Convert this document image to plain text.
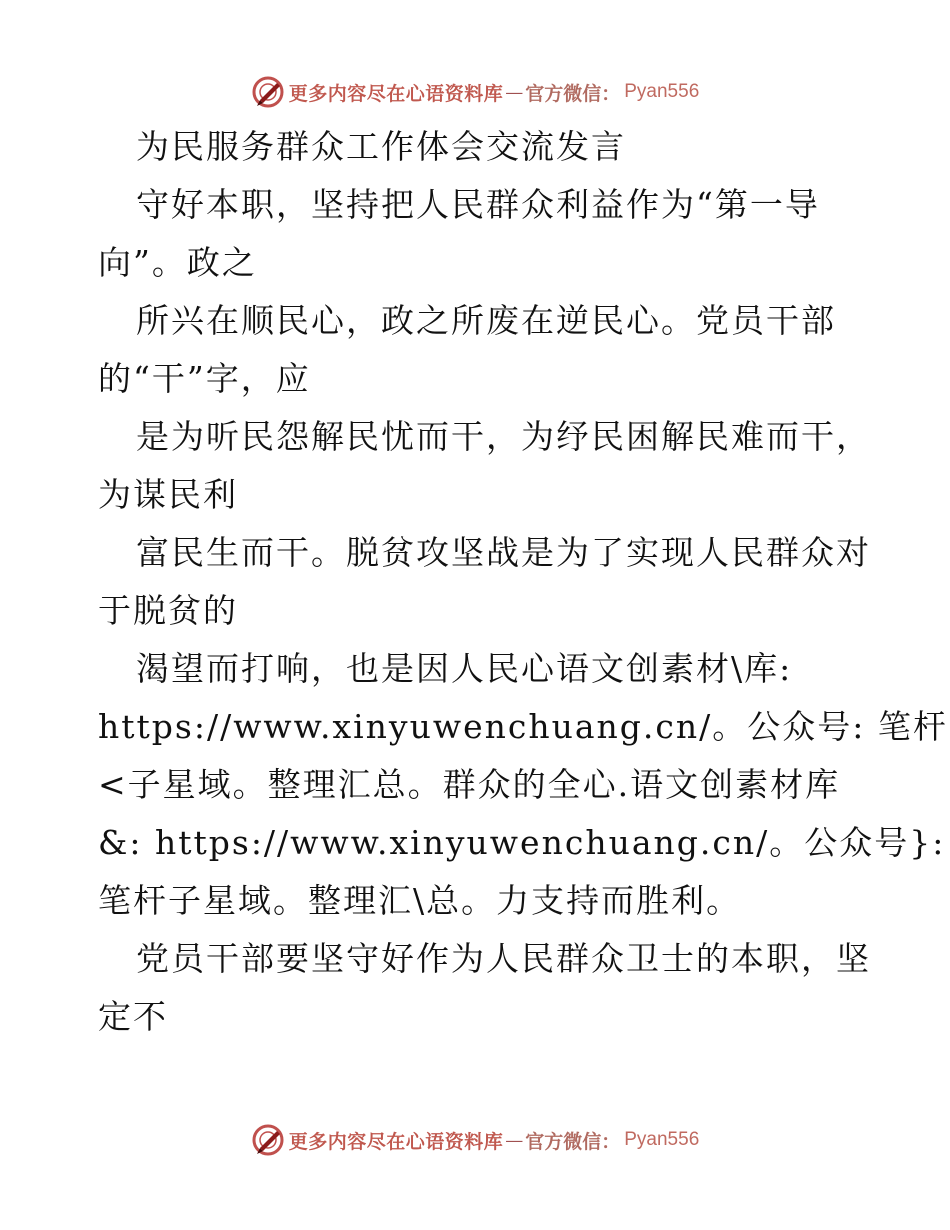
更多内容尽在心语资料库 — 官方微信： Pyan556
为民服务群众工作体会交流发言
守好本职，坚持把人民群众利益作为“第一导
向”。政之
所兴在顺民心，政之所废在逆民心。党员干部
的“干”字，应
是为听民怨解民忧而干，为纾民困解民难而干，
为谋民利
富民生而干。脱贫攻坚战是为了实现人民群众对
于脱贫的
渴望而打响，也是因人民心语文创素材\库:
https://www.xinyuwenchuang.cn/。公众号: 笔杆
<子星域。整理汇总。群众的全心.语文创素材库
&: https://www.xinyuwenchuang.cn/。公众号}:
笔杆子星域。整理汇\总。力支持而胜利。
党员干部要坚守好作为人民群众卫士的本职，坚
定不
更多内容尽在心语资料库 — 官方微信： Pyan556
